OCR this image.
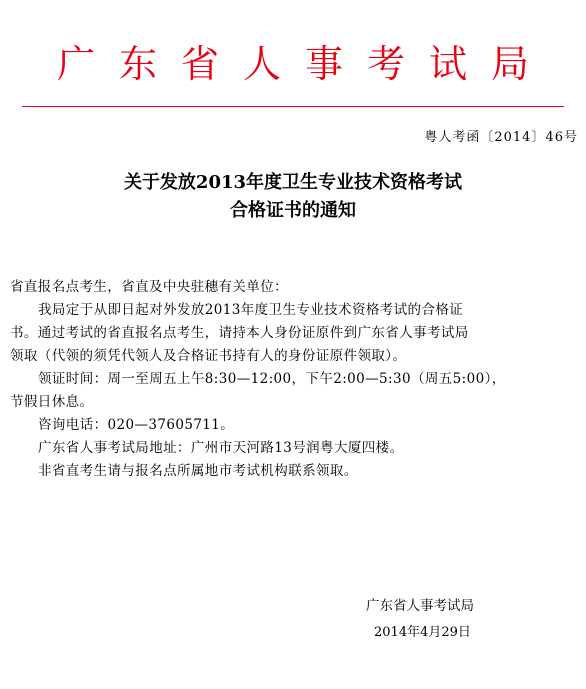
广东省人事考试局
粤人考函〔2014〕46号
关于发放2013年度卫生专业技术资格考试
合格证书的通知
省直报名点考生，省直及中央驻穗有关单位：
我局定于从即日起对外发放2013年度卫生专业技术资格考试的合格证
书。通过考试的省直报名点考生，请持本人身份证原件到广东省人事考试局
领取（代领的须凭代领人及合格证书持有人的身份证原件领取）。
领证时间：周一至周五上午8:30—12:00，下午2:00—5:30（周五5:00），
节假日休息。
咨询电话：020—37605711。
广东省人事考试局地址：广州市天河路13号润粤大厦四楼。
非省直考生请与报名点所属地市考试机构联系领取。
广东省人事考试局
2014年4月29日
